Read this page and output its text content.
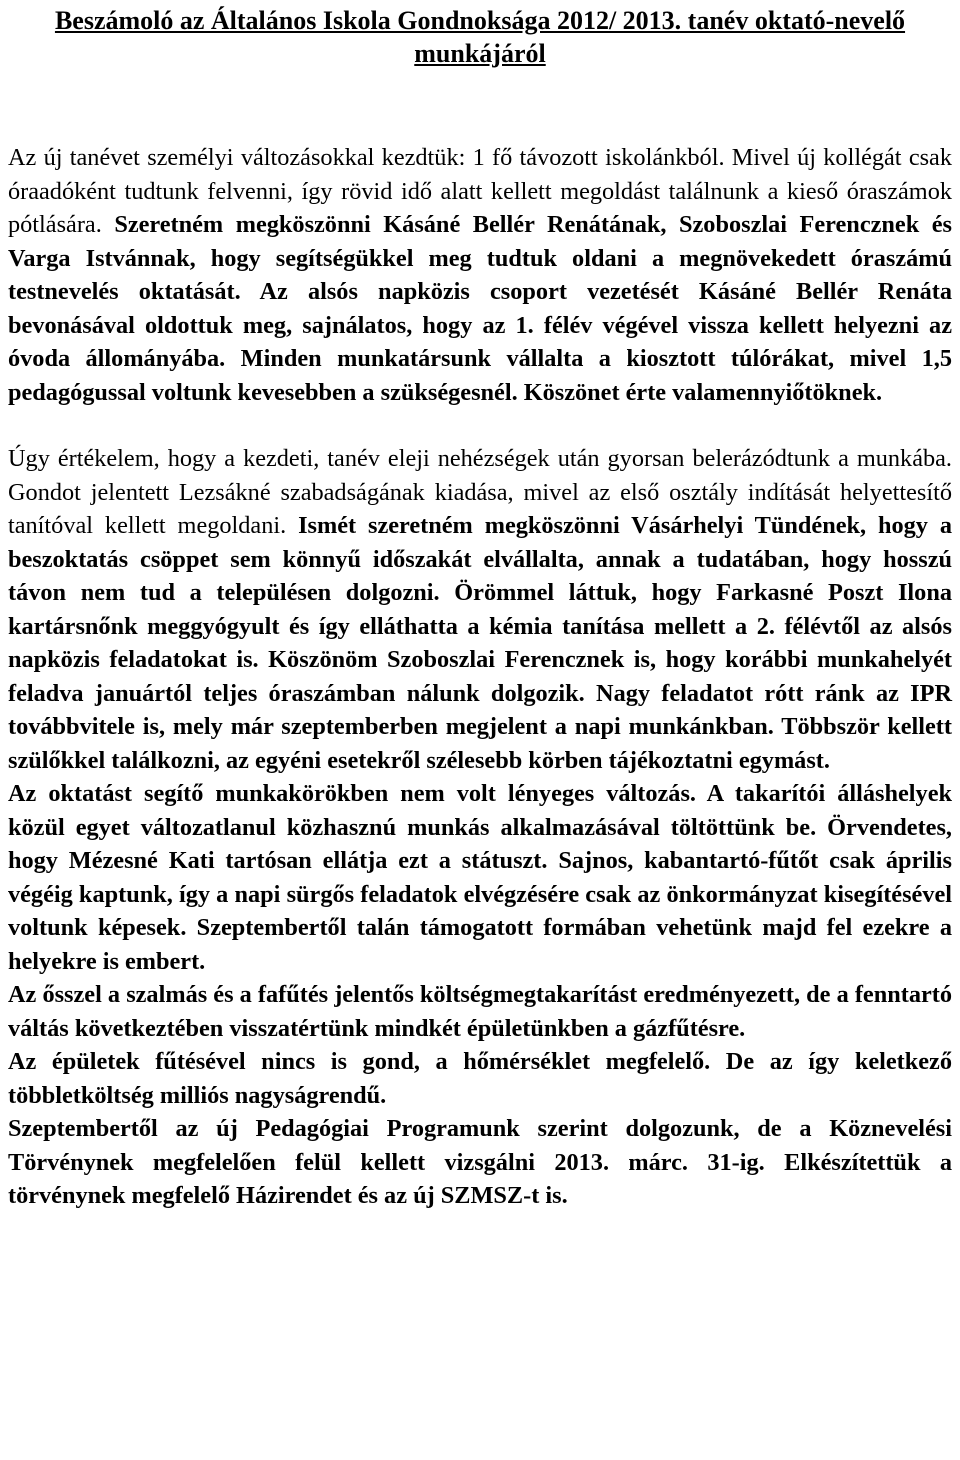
Beszámoló az Általános Iskola Gondnoksága 2012/ 2013. tanév oktató-nevelő munkájáról

Az új tanévet személyi változásokkal kezdtük: 1 fő távozott iskolánkból. Mivel új kollégát csak óraadóként tudtunk felvenni, így rövid idő alatt kellett megoldást találnunk a kieső óraszámok pótlására. Szeretném megköszönni Kásáné Bellér Renátának, Szoboszlai Ferencznek és Varga Istvánnak, hogy segítségükkel meg tudtuk oldani a megnövekedett óraszámú testnevelés oktatását. Az alsós napközis csoport vezetését Kásáné Bellér Renáta bevonásával oldottuk meg, sajnálatos, hogy az 1. félév végével vissza kellett helyezni az óvoda állományába. Minden munkatársunk vállalta a kiosztott túlórákat, mivel 1,5 pedagógussal voltunk kevesebben a szükségesnél. Köszönet érte valamennyiőtöknek.

Úgy értékelem, hogy a kezdeti, tanév eleji nehézségek után gyorsan belerázódtunk a munkába. Gondot jelentett Lezsákné szabadságának kiadása, mivel az első osztály indítását helyettesítő tanítóval kellett megoldani. Ismét szeretném megköszönni Vásárhelyi Tündének, hogy a beszoktatás csöppet sem könnyű időszakát elvállalta, annak a tudatában, hogy hosszú távon nem tud a településen dolgozni. Örömmel láttuk, hogy Farkasné Poszt Ilona kartársnőnk meggyógyult és így elláthatta a kémia tanítása mellett a 2. félévtől az alsós napközis feladatokat is. Köszönöm Szoboszlai Ferencznek is, hogy korábbi munkahelyét feladva januártól teljes óraszámban nálunk dolgozik. Nagy feladatot rótt ránk az IPR továbbvitele is, mely már szeptemberben megjelent a napi munkánkban. Többször kellett szülőkkel találkozni, az egyéni esetekről szélesebb körben tájékoztatni egymást.

Az oktatást segítő munkakörökben nem volt lényeges változás. A takarítói álláshelyek közül egyet változatlanul közhasznú munkás alkalmazásával töltöttünk be. Örvendetes, hogy Mézesné Kati tartósan ellátja ezt a státuszt. Sajnos, kabantartó-fűtőt csak április végéig kaptunk, így a napi sürgős feladatok elvégzésére csak az önkormányzat kisegítésével voltunk képesek. Szeptembertől talán támogatott formában vehetünk majd fel ezekre a helyekre is embert.

Az ősszel a szalmás és a fafűtés jelentős költségmegtakarítást eredményezett, de a fenntartó váltás következtében visszatértünk mindkét épületünkben a gázfűtésre.

Az épületek fűtésével nincs is gond, a hőmérséklet megfelelő. De az így keletkező többletköltség milliós nagyságrendű.

Szeptembertől az új Pedagógiai Programunk szerint dolgozunk, de a Köznevelési Törvénynek megfelelően felül kellett vizsgálni 2013. márc. 31-ig. Elkészítettük a törvénynek megfelelő Házirendet és az új SZMSZ-t is.
